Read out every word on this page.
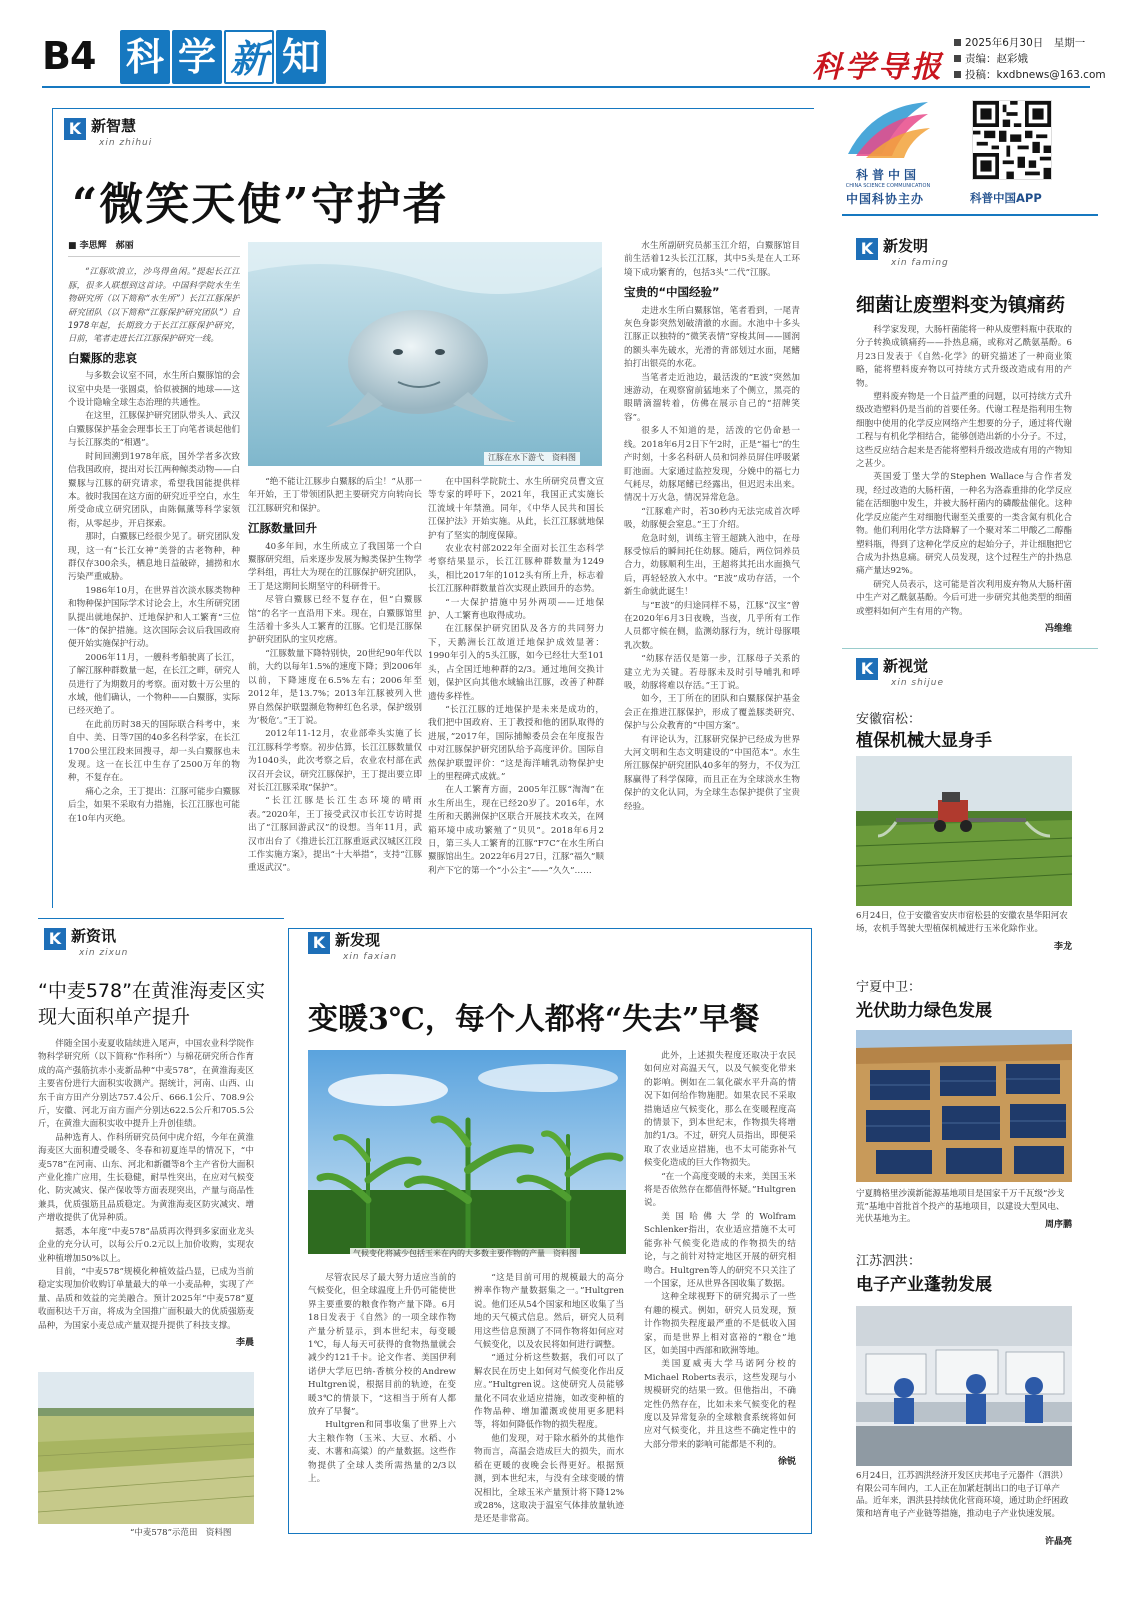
B4 科 学 新 知	科学导报
2025年6月30日　星期一
责编：赵彩娥
投稿：kxdbnews@163.com
K 新智慧
xin zhihui
“微笑天使”守护者
■ 李思辉　郝丽

“江豚吹浪立，沙鸟得鱼闲。”提起长江江豚，很多人联想到这首诗。中国科学院水生生物研究所（以下简称“水生所”）长江江豚保护研究团队（以下简称“江豚保护研究团队”）自1978年起，长期致力于长江江豚保护研究，日前，笔者走进长江江豚保护研究一线。

白鱀豚的悲哀

与多数会议室不同，水生所白鱀豚馆的会议室中央是一张圆桌，恰似被捆的地球——这个设计隐喻全球生态治理的共通性。

在这里，江豚保护研究团队带头人、武汉白鱀豚保护基金会理事长王丁向笔者谈起他们与长江豚类的“相遇”。

时间回溯到1978年底，国外学者多次致信我国政府，提出对长江两种鲸类动物——白鱀豚与江豚的研究请求，希望我国能提供样本。彼时我国在这方面的研究近乎空白，水生所受命成立研究团队，由陈佩薰等科学家领衔，从零起步，开启探索。

那时，白鱀豚已经很少见了。研究团队发现，这一有“长江女神”美誉的古老物种，种群仅存300余头，栖息地日益破碎，捕捞和水污染严重威胁。

1986年10月，在世界首次淡水豚类物种和物种保护国际学术讨论会上，水生所研究团队提出就地保护、迁地保护和人工繁育“三位一体”的保护措施。这次国际会议后我国政府便开始实施保护行动。

2006年11月，一艘科考船驶离了长江，了解江豚种群数量一起，在长江之畔，研究人员进行了为期数月的考察。面对数十万公里的水域，他们确认，一个物种——白鱀豚，实际已经灭绝了。

在此前历时38天的国际联合科考中，来自中、美、日等7国的40多名科学家，在长江1700公里江段来回搜寻，却一头白鱀豚也未发现。这一在长江中生存了2500万年的物种，不复存在。

痛心之余，王丁提出：江豚可能步白鱀豚后尘，如果不采取有力措施，长江江豚也可能在10年内灭绝。

江豚在水下游弋　资料图

“绝不能让江豚步白鱀豚的后尘！”从那一年开始，王丁带领团队把主要研究方向转向长江江豚研究和保护。

江豚数量回升

40多年间，水生所成立了我国第一个白鱀豚研究组，后来逐步发展为鲸类保护生物学学科组，再壮大为现在的江豚保护研究团队，王丁是这期间长期坚守的科研骨干。

尽管白鱀豚已经不复存在，但“白鱀豚馆”的名字一直沿用下来。现在，白鱀豚馆里生活着十多头人工繁育的江豚。它们是江豚保护研究团队的宝贝疙瘩。

“江豚数量下降特别快，20世纪90年代以前，大约以每年1.5%的速度下降；到2006年以前，下降速度在6.5%左右；2006年至2012年，是13.7%；2013年江豚被列入世界自然保护联盟濒危物种红色名录，保护级别为‘极危’。”王丁说。

2012年11-12月，农业部牵头实施了长江江豚科学考察。初步估算，长江江豚数量仅为1040头，此次考察之后，农业农村部在武汉召开会议，研究江豚保护，王丁提出要立即对长江江豚采取“保护”。

“长江江豚是长江生态环境的晴雨表。”2020年，王丁接受武汉市长江专访时提出了“江豚回游武汉”的设想。当年11月，武汉市出台了《推进长江江豚重返武汉城区江段工作实施方案》，提出“十大举措”，支持“江豚重返武汉”。

在中国科学院院士、水生所研究员曹文宣等专家的呼吁下，2021年，我国正式实施长江流域十年禁渔。同年，《中华人民共和国长江保护法》开始实施。从此，长江江豚就地保护有了坚实的制度保障。

农业农村部2022年全面对长江生态科学考察结果显示，长江江豚种群数量为1249头，相比2017年的1012头有所上升，标志着长江江豚种群数量首次实现止跌回升的态势。

“一大保护措施中另外两项——迁地保护、人工繁育也取得成功。

在江豚保护研究团队及各方的共同努力下，天鹅洲长江故道迁地保护成效显著：1990年引入的5头江豚，如今已经壮大至101头，占全国迁地种群的2/3。通过地间交换计划，保护区向其他水域输出江豚，改善了种群遗传多样性。

“长江江豚的迁地保护是未来是成功的，我们把中国政府、王丁教授和他的团队取得的进展，”2017年，国际捕鲸委员会在年度报告中对江豚保护研究团队给予高度评价。国际自然保护联盟评价：“这是海洋哺乳动物保护史上的里程碑式成就。”

在人工繁育方面，2005年江豚“淘淘”在水生所出生，现在已经20岁了。2016年，水生所和天鹅洲保护区联合开展技术攻关，在网箱环境中成功繁殖了“贝贝”。2018年6月2日，第三头人工繁育的江豚“F7C”在水生所白鱀豚馆出生。2022年6月27日，江豚“福久”顺利产下它的第一个“小公主”——“久久”……

水生所副研究员郝玉江介绍，白鱀豚馆目前生活着12头长江江豚，其中5头是在人工环境下成功繁育的，包括3头“二代”江豚。

宝贵的“中国经验”

走进水生所白鱀豚馆，笔者看到，一尾青灰色身影突然划破清澈的水面。水池中十多头江豚正以独特的“微笑表情”穿梭其间——圆润的额头率先破水，光滑的背部划过水面，尾鳍拍打出银亮的水花。

当笔者走近池边，最活泼的“E波”突然加速游动，在观察窗前猛地来了个侧立，黑亮的眼睛滴溜转着，仿佛在展示自己的“招牌笑容”。

很多人不知道的是，活泼的它仍命悬一线。2018年6月2日下午2时，正是“福七”的生产时刻，十多名科研人员和饲养员屏住呼吸紧盯池面。大家通过监控发现，分娩中的福七力气耗尽，幼豚尾鳍已经露出，但迟迟未出来。情况十万火急，情况异常危急。

“江豚难产时，若30秒内无法完成首次呼吸，幼豚便会窒息。”王丁介绍。

危急时刻，训练主管王超跳入池中，在母豚受惊后的瞬间托住幼豚。随后，两位饲养员合力，幼豚顺利生出，王超将其托出水面换气后，再轻轻放入水中。“E波”成功存活，一个新生命就此诞生！

与“E波”的归途同样不易，江豚“汉宝”曾在2020年6月3日夜晚，当夜，几乎所有工作人员都守候在侧，监测幼豚行为，统计母豚喂乳次数。

“幼豚存活仅是第一步，江豚母子关系的建立尤为关键。若母豚未及时引导哺乳和呼吸，幼豚将难以存活。”王丁说。

如今，王丁所在的团队和白鱀豚保护基金会正在推进江豚保护，形成了覆盖豚类研究、保护与公众教育的“中国方案”。

有评论认为，江豚研究保护已经成为世界大河文明和生态文明建设的“中国范本”。水生所江豚保护研究团队40多年的努力，不仅为江豚赢得了科学保障，而且正在为全球淡水生物保护的文化认同，为全球生态保护提供了宝贵经验。

科普中国
CHINA SCIENCE COMMUNICATION
中国科协主办	科普中国APP
K 新发明
xin faming
细菌让废塑料变为镇痛药

科学家发现，大肠杆菌能将一种从废塑料瓶中获取的分子转换成镇痛药——扑热息痛，或称对乙酰氨基酚。6月23日发表于《自然-化学》的研究描述了一种商业策略，能将塑料废弃物以可持续方式升级改造成有用的产物。

塑料废弃物是一个日益严重的问题，以可持续方式升级改造塑料仍是当前的首要任务。代谢工程是指利用生物细胞中使用的化学反应网络产生想要的分子，通过将代谢工程与有机化学相结合，能够创造出新的小分子。不过，这些反应结合起来是否能将塑料升级改造成有用的产物知之甚少。

英国爱丁堡大学的Stephen Wallace与合作者发现，经过改造的大肠杆菌，一种名为洛森重排的化学反应能在活细胞中发生，并被大肠杆菌内的磷酸盐催化。这种化学反应能产生对细胞代谢至关重要的一类含氮有机化合物。他们利用化学方法降解了一个聚对苯二甲酸乙二醇酯塑料瓶，得到了这种化学反应的起始分子，并让细胞把它合成为扑热息痛。研究人员发现，这个过程生产的扑热息痛产量达92%。

研究人员表示，这可能是首次利用废弃物从大肠杆菌中生产对乙酰氨基酚。今后可进一步研究其他类型的细菌或塑料如何产生有用的产物。

冯维维
K 新视觉
xin shijue
安徽宿松：
植保机械大显身手
6月24日，位于安徽省安庆市宿松县的安徽农垦华阳河农场，农机手驾驶大型植保机械进行玉米化除作业。
李龙
宁夏中卫：
光伏助力绿色发展
宁夏腾格里沙漠新能源基地项目是国家千万千瓦级“沙戈荒”基地中首批首个投产的基地项目，以建设大型风电、光伏基地为主。
周序鹏
江苏泗洪：
电子产业蓬勃发展
6月24日，江苏泗洪经济开发区庆邦电子元器件（泗洪）有限公司车间内，工人正在加紧赶制出口的电子订单产品。近年来，泗洪县持续优化营商环境，通过助企纾困政策和培育电子产业链等措施，推动电子产业快速发展。
许晶亮
K 新资讯
xin zixun
“中麦578”在黄淮海麦区实现大面积单产提升

伴随全国小麦夏收陆续进入尾声，中国农业科学院作物科学研究所（以下简称“作科所”）与棉花研究所合作育成的高产强筋抗赤小麦新品种“中麦578”，在黄淮海麦区主要省份进行大面积实收测产。据统计，河南、山西、山东千亩方田产分别达757.4公斤、666.1公斤、708.9公斤，安徽、河北万亩方面产分别达622.5公斤和705.5公斤，在黄淮大面积实收中提升上升创佳绩。

品种选育人、作科所研究员何中虎介绍，今年在黄淮海麦区大面积遭受暖冬、冬春和初夏连旱的情况下，“中麦578”在河南、山东、河北和新疆等8个主产省份大面积产业化推广应用，生长稳健，耐旱性突出，在应对气候变化、防灾减灾、保产保收等方面表现突出，产量与商品性兼具，优质强筋且品质稳定。为黄淮海麦区防灾减灾、增产增收提供了优异种质。

据悉，本年度“中麦578”品质再次得到多家面业龙头企业的充分认可，以每公斤0.2元以上加价收购，实现农业种植增加50%以上。

目前，“中麦578”规模化种植效益凸显，已成为当前稳定实现加价收购订单量最大的单一小麦品种，实现了产量、品质和效益的完美融合。预计2025年“中麦578”夏收面积达千万亩，将成为全国推广面积最大的优质强筋麦品种，为国家小麦总成产量双提升提供了科技支撑。

李晨
“中麦578”示范田　资料图
K 新发现
xin faxian
变暖3℃，每个人都将“失去”早餐
气候变化将减少包括玉米在内的大多数主要作物的产量　资料图

尽管农民尽了最大努力适应当前的气候变化，但全球温度上升仍可能使世界主要重要的粮食作物产量下降。6月18日发表于《自然》的一项全球作物产量分析显示，到本世纪末，每变暖1℃，每人每天可获得的食物热量就会减少约121千卡。论文作者、美国伊利诺伊大学厄巴纳-香槟分校的Andrew Hultgren说，根据目前的轨迹，在变暖3℃的情景下，“这相当于所有人都放弃了早餐”。

Hultgren和同事收集了世界上六大主粮作物（玉米、大豆、水稻、小麦、木薯和高粱）的产量数据。这些作物提供了全球人类所需热量的2/3以上。

“这是目前可用的规模最大的高分辨率作物产量数据集之一。”Hultgren说。他们还从54个国家和地区收集了当地的天气模式信息。然后，研究人员利用这些信息预测了不同作物将如何应对气候变化，以及农民将如何进行调整。

“通过分析这些数据，我们可以了解农民在历史上如何对气候变化作出反应。”Hultgren说。这使研究人员能够量化不同农业适应措施，如改变种植的作物品种、增加灌溉或使用更多肥料等，将如何降低作物的损失程度。

他们发现，对于除水稻外的其他作物而言，高温会造成巨大的损失，而水稻在更暖的夜晚会长得更好。根据预测，到本世纪末，与没有全球变暖的情况相比，全球玉米产量预计将下降12%或28%，这取决于温室气体排放量轨迹是还是非常高。

此外，上述损失程度还取决于农民如何应对高温天气，以及气候变化带来的影响。例如在二氧化碳水平升高的情况下如何给作物施肥。如果农民不采取措施适应气候变化，那么在变暖程度高的情景下，到本世纪末，作物损失将增加约1/3。不过，研究人员指出，即便采取了农业适应措施，也不太可能弥补气候变化造成的巨大作物损失。

“在一个高度变暖的未来，美国玉米将是否依然存在都值得怀疑。”Hultgren说。

美国哈佛大学的Wolfram Schlenker指出，农业适应措施不太可能弥补气候变化造成的作物损失的结论，与之前针对特定地区开展的研究相吻合。Hultgren等人的研究不只关注了一个国家，还从世界各国收集了数据。

这种全球视野下的研究揭示了一些有趣的模式。例如，研究人员发现，预计作物损失程度最严重的不是低收入国家，而是世界上相对富裕的“粮仓”地区，如美国中西部和欧洲等地。

美国夏威夷大学马诺阿分校的Michael Roberts表示，这些发现与小规模研究的结果一致。但他指出，不确定性仍然存在，比如未来气候变化的程度以及异常复杂的全球粮食系统将如何应对气候变化，并且这些不确定性中的大部分带来的影响可能都是不利的。

徐锐
